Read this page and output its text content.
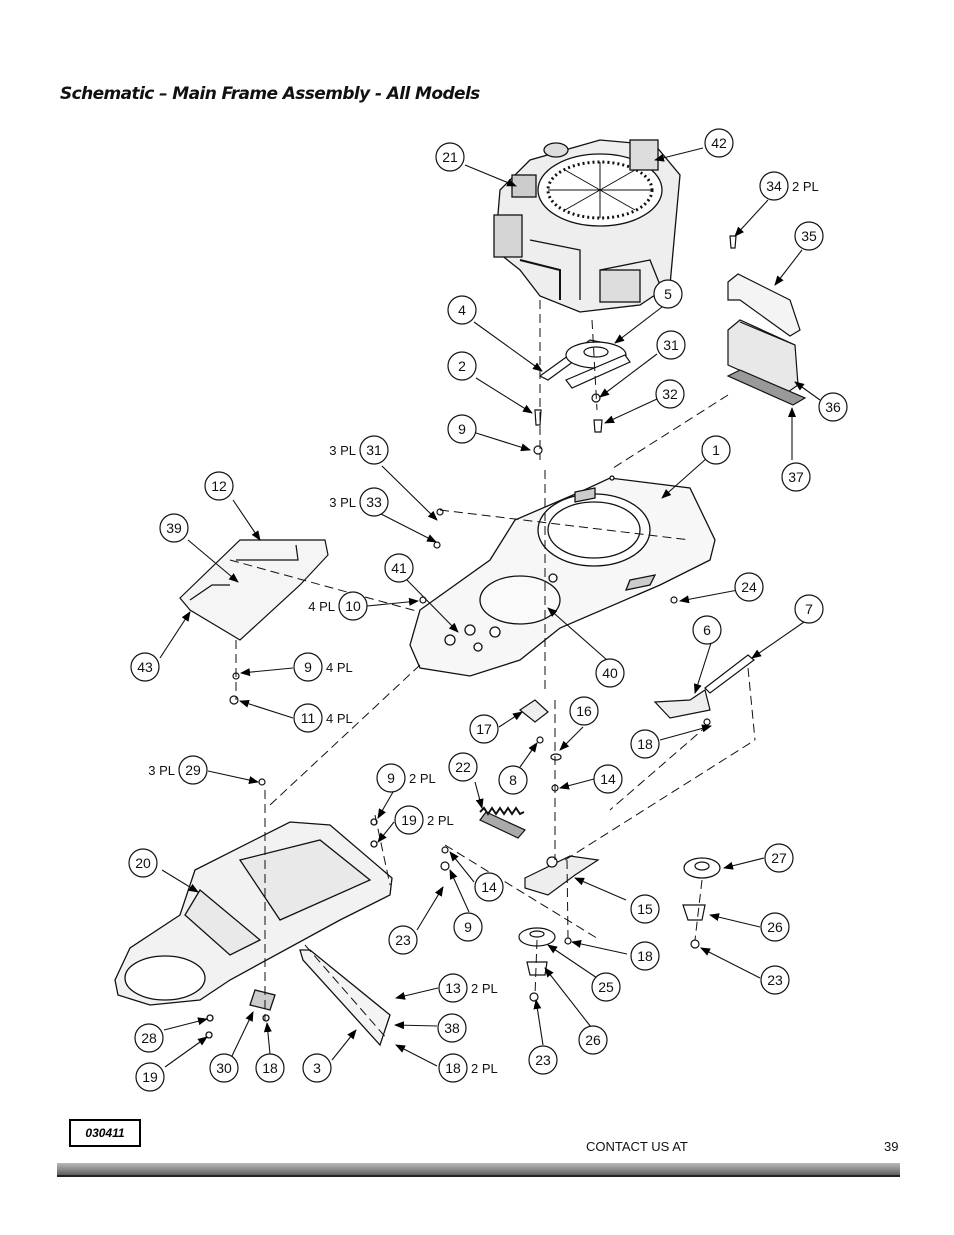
Schematic – Main Frame Assembly - All Models
21
42
34 2 PL
35
4
5
31
2
32
36
9
37
1
31
3 PL
33
3 PL
12
39
41
10
4 PL
24
7
6
43	9 4 PL	40
11 4 PL
17
16
18
29
3 PL	22
8	14
9 2 PL
19 2 PL
20
14
15
27
23
9	26
18
25	23
13 2 PL
28
38
26
30 18	3	18 2 PL
19
23
030411
CONTACT US AT	39
